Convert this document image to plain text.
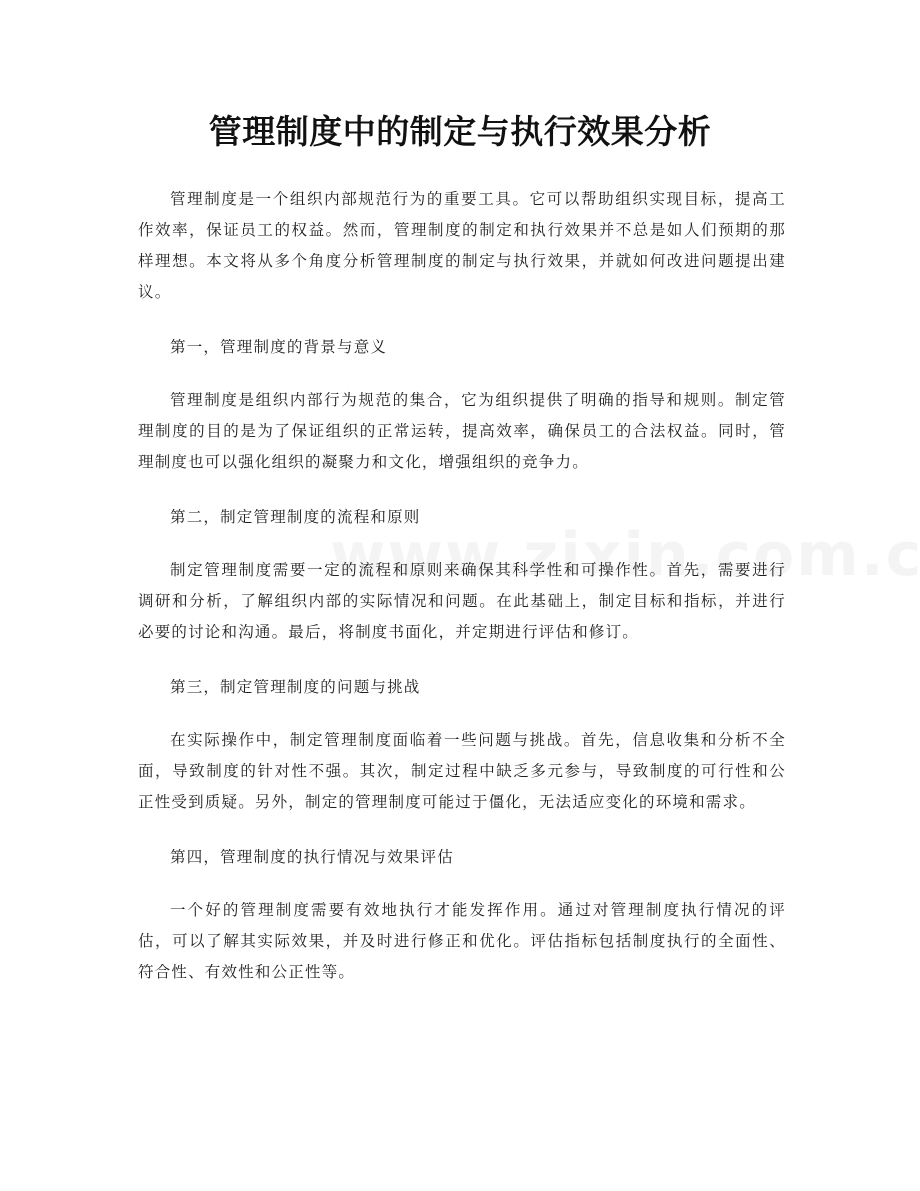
管理制度中的制定与执行效果分析

管理制度是一个组织内部规范行为的重要工具。它可以帮助组织实现目标，提高工作效率，保证员工的权益。然而，管理制度的制定和执行效果并不总是如人们预期的那样理想。本文将从多个角度分析管理制度的制定与执行效果，并就如何改进问题提出建议。

第一，管理制度的背景与意义

管理制度是组织内部行为规范的集合，它为组织提供了明确的指导和规则。制定管理制度的目的是为了保证组织的正常运转，提高效率，确保员工的合法权益。同时，管理制度也可以强化组织的凝聚力和文化，增强组织的竞争力。

第二，制定管理制度的流程和原则

制定管理制度需要一定的流程和原则来确保其科学性和可操作性。首先，需要进行调研和分析，了解组织内部的实际情况和问题。在此基础上，制定目标和指标，并进行必要的讨论和沟通。最后，将制度书面化，并定期进行评估和修订。

第三，制定管理制度的问题与挑战

在实际操作中，制定管理制度面临着一些问题与挑战。首先，信息收集和分析不全面，导致制度的针对性不强。其次，制定过程中缺乏多元参与，导致制度的可行性和公正性受到质疑。另外，制定的管理制度可能过于僵化，无法适应变化的环境和需求。

第四，管理制度的执行情况与效果评估

一个好的管理制度需要有效地执行才能发挥作用。通过对管理制度执行情况的评估，可以了解其实际效果，并及时进行修正和优化。评估指标包括制度执行的全面性、符合性、有效性和公正性等。
